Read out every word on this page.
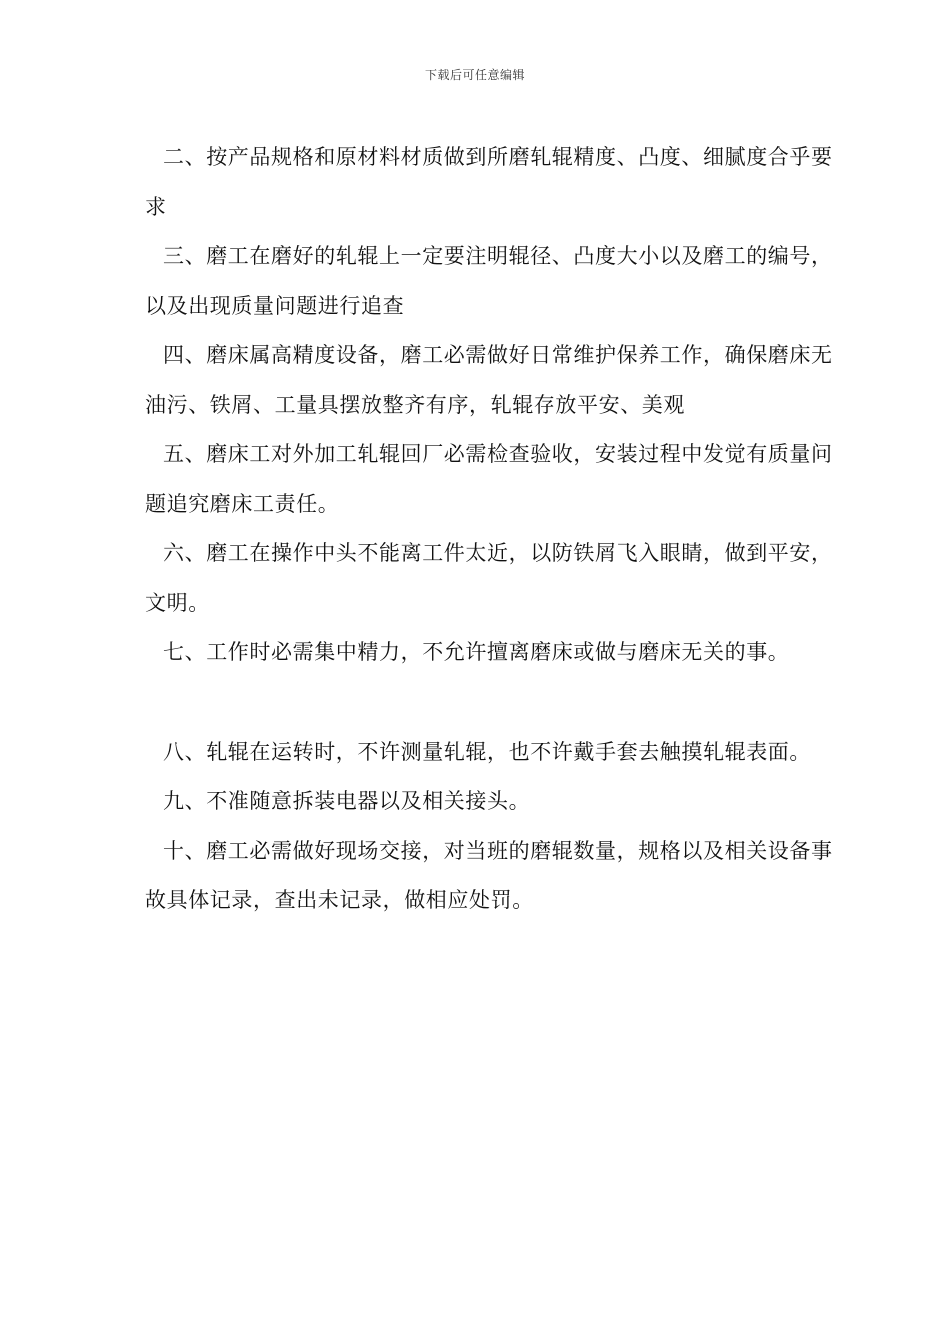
下载后可任意编辑

二、按产品规格和原材料材质做到所磨轧辊精度、凸度、细腻度合乎要求

三、磨工在磨好的轧辊上一定要注明辊径、凸度大小以及磨工的编号，以及出现质量问题进行追查

四、磨床属高精度设备，磨工必需做好日常维护保养工作，确保磨床无油污、铁屑、工量具摆放整齐有序，轧辊存放平安、美观

五、磨床工对外加工轧辊回厂必需检查验收，安装过程中发觉有质量问题追究磨床工责任。

六、磨工在操作中头不能离工件太近，以防铁屑飞入眼睛，做到平安，文明。

七、工作时必需集中精力，不允许擅离磨床或做与磨床无关的事。

八、轧辊在运转时，不许测量轧辊，也不许戴手套去触摸轧辊表面。

九、不准随意拆装电器以及相关接头。

十、磨工必需做好现场交接，对当班的磨辊数量，规格以及相关设备事故具体记录，查出未记录，做相应处罚。
